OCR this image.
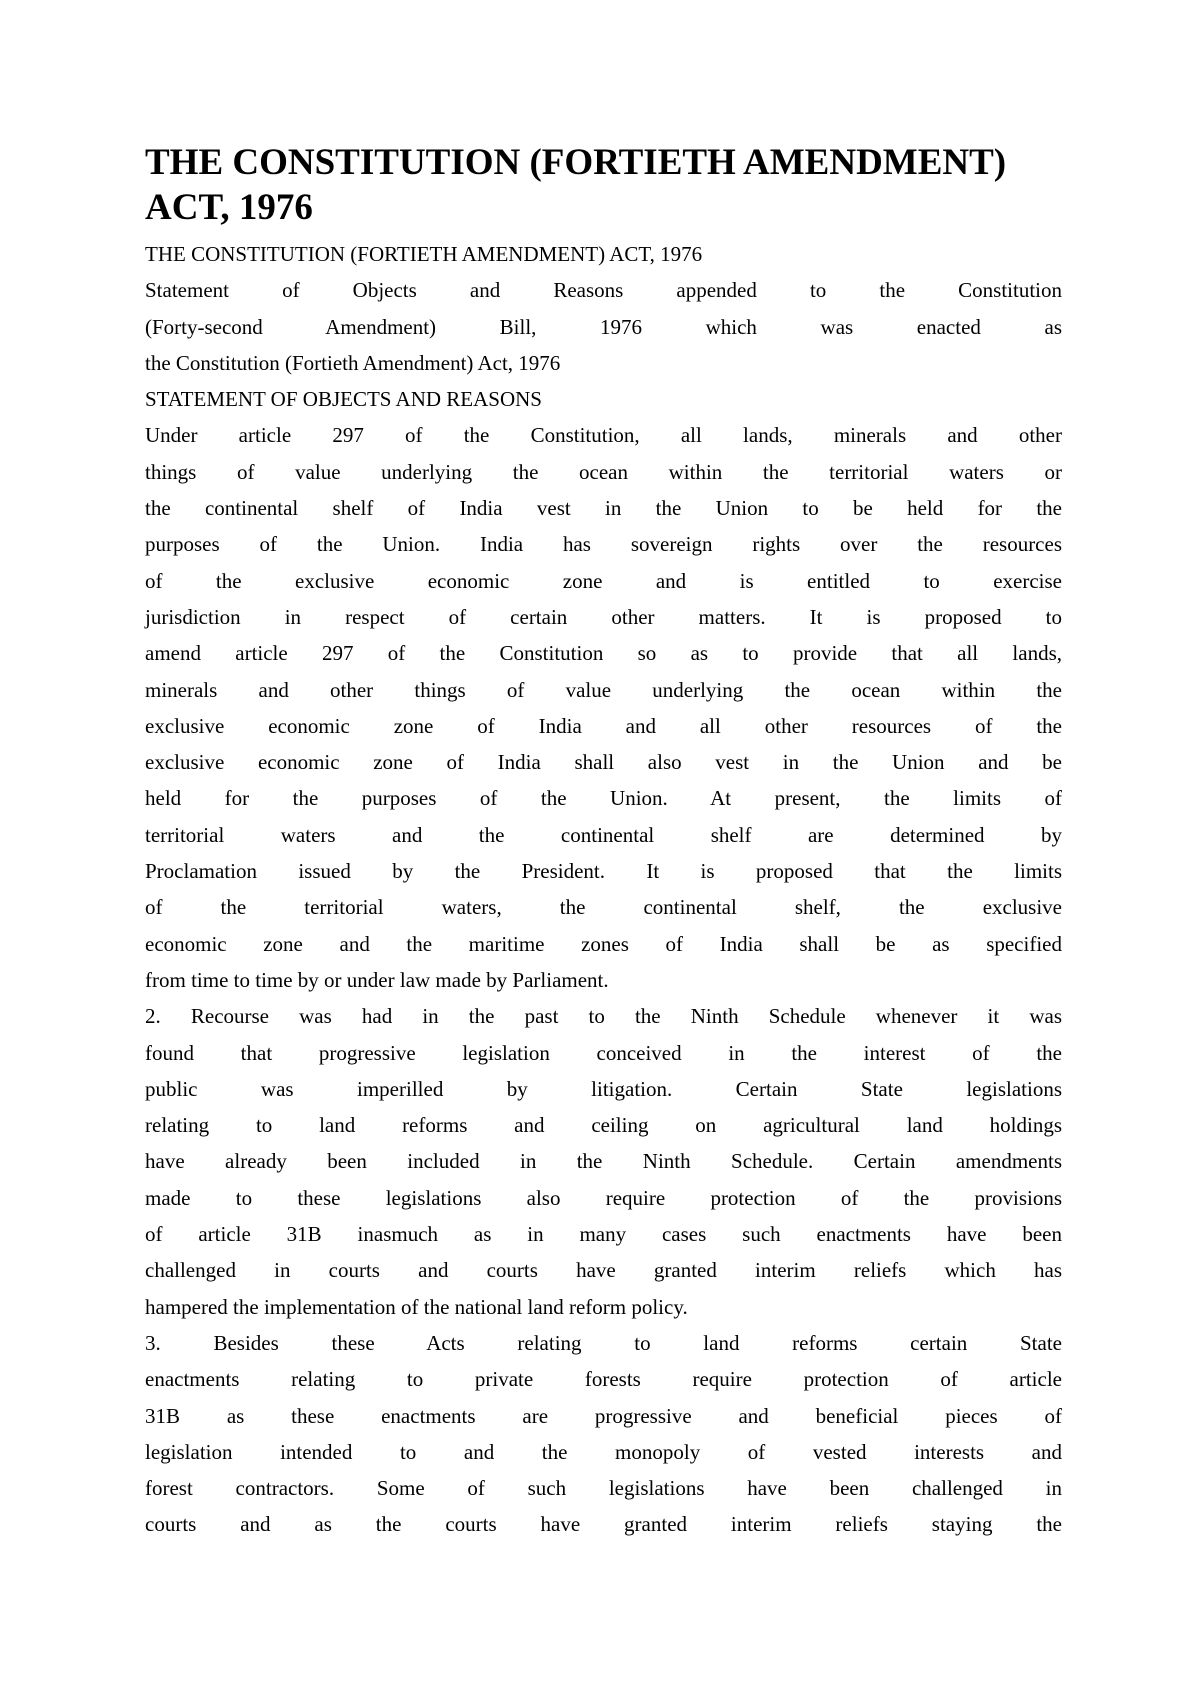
THE CONSTITUTION (FORTIETH AMENDMENT)
ACT, 1976

THE CONSTITUTION (FORTIETH AMENDMENT) ACT, 1976

Statement of Objects and Reasons appended to the Constitution

(Forty-second Amendment) Bill, 1976 which was enacted as

the Constitution (Fortieth Amendment) Act, 1976

STATEMENT OF OBJECTS AND REASONS

Under article 297 of the Constitution, all lands, minerals and other

things of value underlying the ocean within the territorial waters or

the continental shelf of India vest in the Union to be held for the

purposes of the Union. India has sovereign rights over the resources

of the exclusive economic zone and is entitled to exercise

jurisdiction in respect of certain other matters. It is proposed to

amend article 297 of the Constitution so as to provide that all lands,

minerals and other things of value underlying the ocean within the

exclusive economic zone of India and all other resources of the

exclusive economic zone of India shall also vest in the Union and be

held for the purposes of the Union. At present, the limits of

territorial waters and the continental shelf are determined by

Proclamation issued by the President. It is proposed that the limits

of the territorial waters, the continental shelf, the exclusive

economic zone and the maritime zones of India shall be as specified

from time to time by or under law made by Parliament.

2. Recourse was had in the past to the Ninth Schedule whenever it was

found that progressive legislation conceived in the interest of the

public was imperilled by litigation. Certain State legislations

relating to land reforms and ceiling on agricultural land holdings

have already been included in the Ninth Schedule. Certain amendments

made to these legislations also require protection of the provisions

of article 31B inasmuch as in many cases such enactments have been

challenged in courts and courts have granted interim reliefs which has

hampered the implementation of the national land reform policy.

3. Besides these Acts relating to land reforms certain State

enactments relating to private forests require protection of article

31B as these enactments are progressive and beneficial pieces of

legislation intended to and the monopoly of vested interests and

forest contractors. Some of such legislations have been challenged in

courts and as the courts have granted interim reliefs staying the
